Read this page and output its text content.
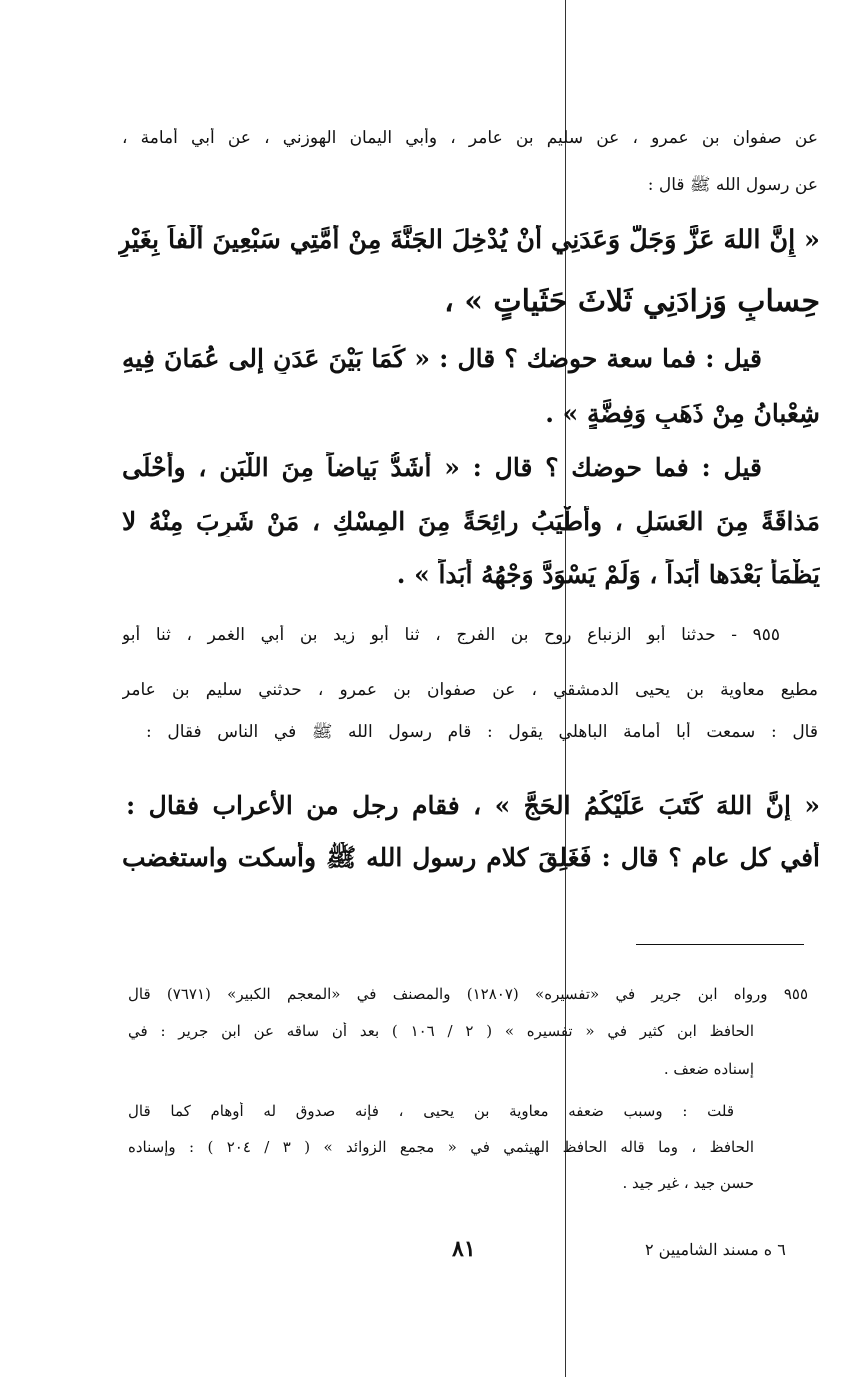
عن صفوان بن عمرو ، عن سليم بن عامر ، وأبي اليمان الهوزني ، عن أبي أمامة ،
عن رسول الله ﷺ قال :
« إِنَّ اللهَ عَزَّ وَجَلَّ وَعَدَنِي أَنْ يُدْخِلَ الجَنَّةَ مِنْ أُمَّتِي سَبْعِينَ أَلْفاً بِغَيْرِ
حِسابٍ وَزادَنِي ثَلاثَ حَثَياتٍ » ،
قيل : فما سعة حوضك ؟ قال : « كَمَا بَيْنَ عَدَنٍ إلى عُمَانَ فِيهِ
شِعْبانُ مِنْ ذَهَبٍ وَفِضَّةٍ » .
قيل : فما حوضك ؟ قال : « أَشَدُّ بَياضاً مِنَ اللَّبَنِ ، وأَحْلَى
مَذاقَةً مِنَ العَسَلِ ، وأَطْيَبُ رائِحَةً مِنَ المِسْكِ ، مَنْ شَرِبَ مِنْهُ لا
يَظْمَأُ بَعْدَها أَبَداً ، وَلَمْ يَسْوَدَّ وَجْهُهُ أَبَداً » .
٩٥٥ - حدثنا أبو الزنباع روح بن الفرج ، ثنا أبو زيد بن أبي الغمر ، ثنا أبو
مطيع معاوية بن يحيى الدمشقي ، عن صفوان بن عمرو ، حدثني سليم بن عامر
قال : سمعت أبا أمامة الباهلي يقول : قام رسول الله ﷺ في الناس فقال :
« إِنَّ اللهَ كَتَبَ عَلَيْكُمُ الحَجَّ » ، فقام رجل من الأعراب فقال :
أفي كل عام ؟ قال : فَغَلِقَ كلام رسول الله ﷺ وأسكت واستغضب
٩٥٥ ورواه ابن جرير في «تفسيره» (١٢٨٠٧) والمصنف في «المعجم الكبير» (٧٦٧١) قال
الحافظ ابن كثير في « تفسيره » ( ٢ / ١٠٦ ) بعد أن ساقه عن ابن جرير : في
إسناده ضعف .
قلت : وسبب ضعفه معاوية بن يحيى ، فإنه صدوق له أوهام كما قال
الحافظ ، وما قاله الحافظ الهيثمي في « مجمع الزوائد » ( ٣ / ٢٠٤ ) : وإسناده
حسن جيد ، غير جيد .
٦ ه مسند الشاميين ٢
٨١
